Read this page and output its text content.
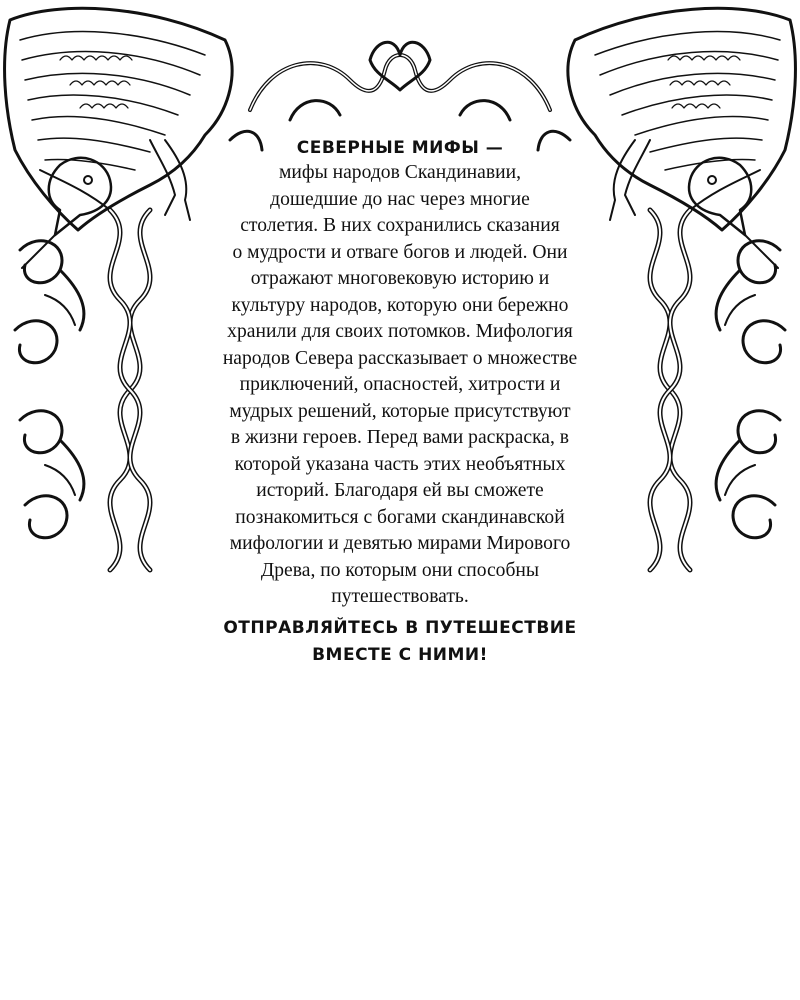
СЕВЕРНЫЕ МИФЫ —

мифы народов Скандинавии,
дошедшие до нас через многие
столетия. В них сохранились сказания
о мудрости и отваге богов и людей. Они
отражают многовековую историю и
культуру народов, которую они бережно
хранили для своих потомков. Мифология
народов Севера рассказывает о множестве
приключений, опасностей, хитрости и
мудрых решений, которые присутствуют
в жизни героев. Перед вами раскраска, в
которой указана часть этих необъятных
историй. Благодаря ей вы сможете
познакомиться с богами скандинавской
мифологии и девятью мирами Мирового
Древа, по которым они способны
путешествовать.

ОТПРАВЛЯЙТЕСЬ В ПУТЕШЕСТВИЕ
ВМЕСТЕ С НИМИ!
